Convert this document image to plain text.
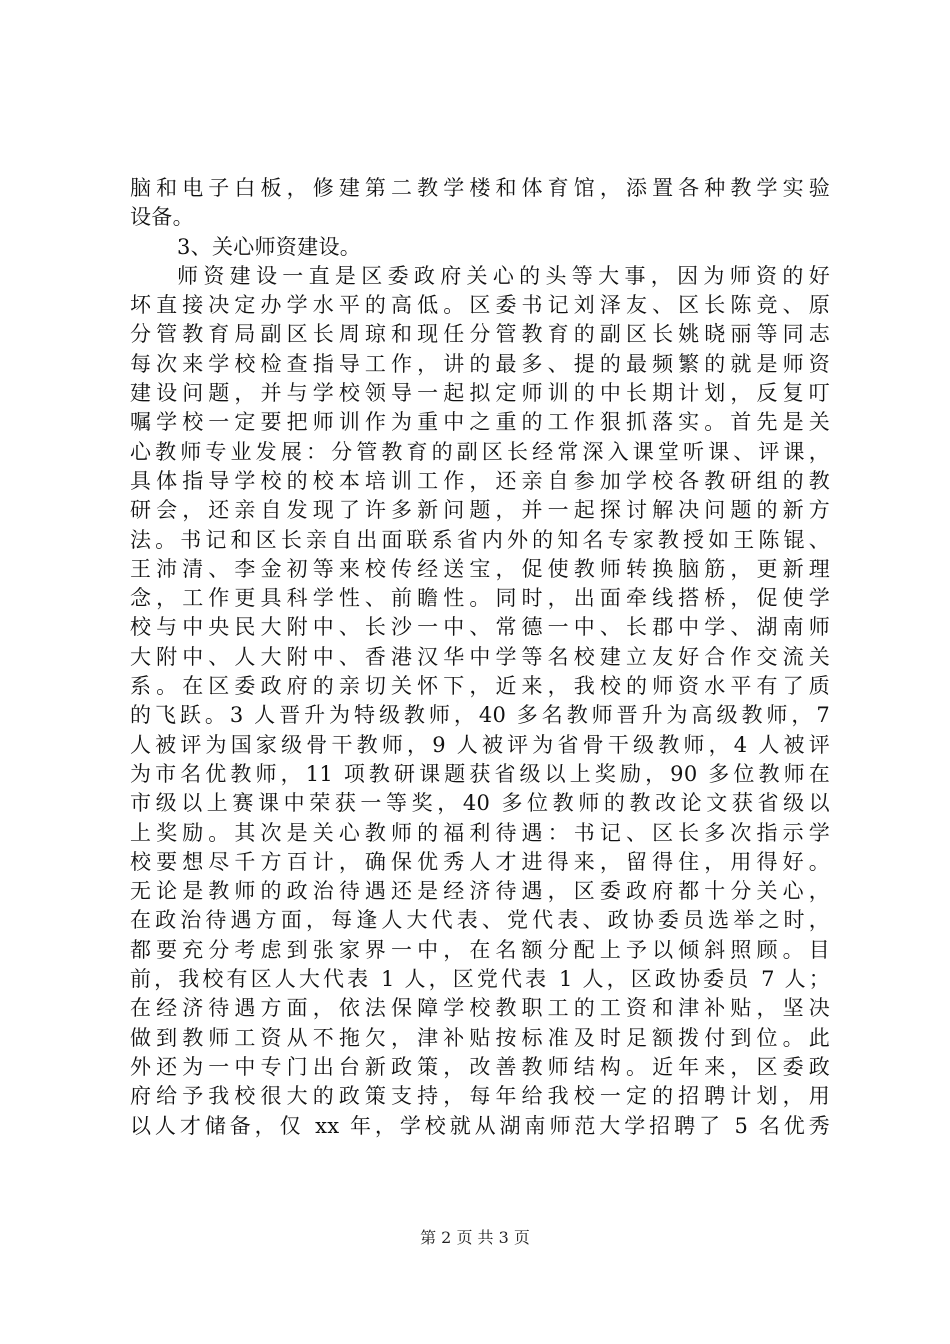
脑和电子白板，修建第二教学楼和体育馆，添置各种教学实验
设备。
3、关心师资建设。
师资建设一直是区委政府关心的头等大事，因为师资的好
坏直接决定办学水平的高低。区委书记刘泽友、区长陈竞、原
分管教育局副区长周琼和现任分管教育的副区长姚晓丽等同志
每次来学校检查指导工作，讲的最多、提的最频繁的就是师资
建设问题，并与学校领导一起拟定师训的中长期计划，反复叮
嘱学校一定要把师训作为重中之重的工作狠抓落实。首先是关
心教师专业发展：分管教育的副区长经常深入课堂听课、评课，
具体指导学校的校本培训工作，还亲自参加学校各教研组的教
研会，还亲自发现了许多新问题，并一起探讨解决问题的新方
法。书记和区长亲自出面联系省内外的知名专家教授如王陈锟、
王沛清、李金初等来校传经送宝，促使教师转换脑筋，更新理
念，工作更具科学性、前瞻性。同时，出面牵线搭桥，促使学
校与中央民大附中、长沙一中、常德一中、长郡中学、湖南师
大附中、人大附中、香港汉华中学等名校建立友好合作交流关
系。在区委政府的亲切关怀下，近来，我校的师资水平有了质
的飞跃。3 人晋升为特级教师，40 多名教师晋升为高级教师，7
人被评为国家级骨干教师，9 人被评为省骨干级教师，4 人被评
为市名优教师，11 项教研课题获省级以上奖励，90 多位教师在
市级以上赛课中荣获一等奖，40 多位教师的教改论文获省级以
上奖励。其次是关心教师的福利待遇：书记、区长多次指示学
校要想尽千方百计，确保优秀人才进得来，留得住，用得好。
无论是教师的政治待遇还是经济待遇，区委政府都十分关心，
在政治待遇方面，每逢人大代表、党代表、政协委员选举之时，
都要充分考虑到张家界一中，在名额分配上予以倾斜照顾。目
前，我校有区人大代表 1 人，区党代表 1 人，区政协委员 7 人；
在经济待遇方面，依法保障学校教职工的工资和津补贴，坚决
做到教师工资从不拖欠，津补贴按标准及时足额拨付到位。此
外还为一中专门出台新政策，改善教师结构。近年来，区委政
府给予我校很大的政策支持，每年给我校一定的招聘计划，用
以人才储备，仅 xx 年，学校就从湖南师范大学招聘了 5 名优秀
第 2 页 共 3 页
